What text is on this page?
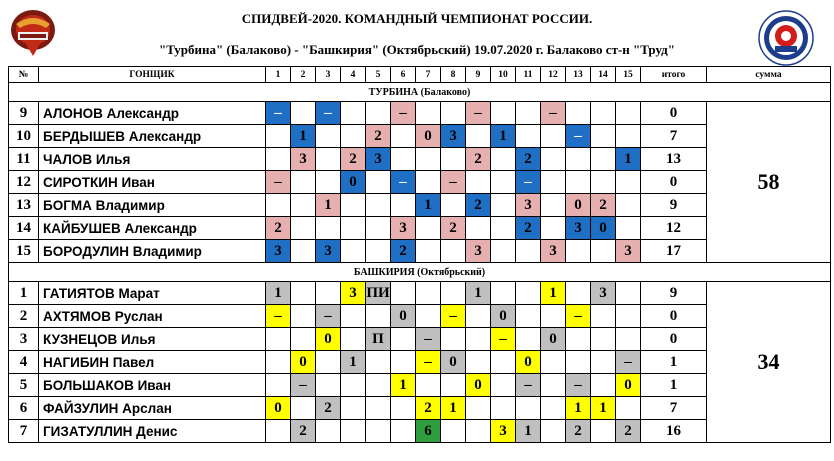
СПИДВЕЙ-2020. КОМАНДНЫЙ ЧЕМПИОНАТ РОССИИ.
"Турбина" (Балаково) - "Башкирия" (Октябрьский) 19.07.2020 г. Балаково ст-н "Труд"
№	ГОНЩИК	1	2	3	4	5	6	7	8	9	10	11	12	13	14	15	итого	сумма
ТУРБИНА (Балаково)																		
9	АЛОНОВ Александр	–		–			–			–			–				0	58
10	БЕРДЫШЕВ Александр		1			2		0	3		1			–			7	
11	ЧАЛОВ Илья		3		2	3				2		2				1	13	
12	СИРОТКИН Иван	–			0		–		–			–					0	
13	БОГМА Владимир			1				1		2		3		0	2		9	
14	КАЙБУШЕВ Александр	2					3		2			2		3	0		12	
15	БОРОДУЛИН Владимир	3		3			2			3			3			3	17	
БАШКИРИЯ (Октябрьский)																		
1	ГАТИЯТОВ Марат	1			3	ПИ				1			1		3		9	34
2	АХТЯМОВ Руслан	–		–			0		–		0			–			0	
3	КУЗНЕЦОВ Илья			0		П		–			–		0				0	
4	НАГИБИН Павел		0		1			–	0			0				–	1	
5	БОЛЬШАКОВ Иван		–				1			0		–		–		0	1	
6	ФАЙЗУЛИН Арслан	0		2				2	1					1	1		7	
7	ГИЗАТУЛЛИН Денис		2					6			3	1		2		2	16	
